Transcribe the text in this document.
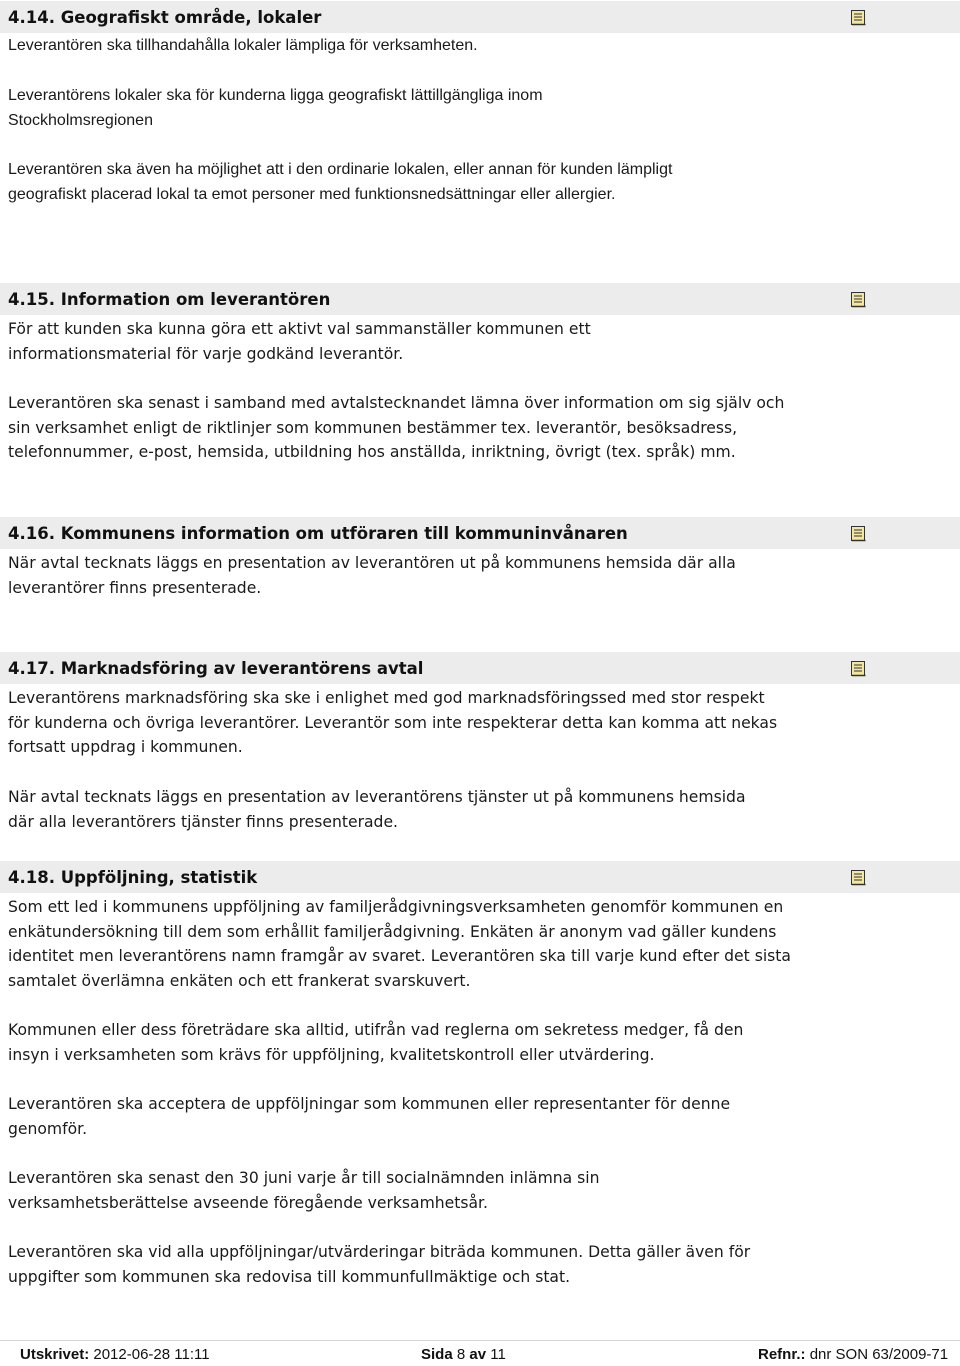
4.14. Geografiskt område, lokaler

Leverantören ska tillhandahålla lokaler lämpliga för verksamheten.

Leverantörens lokaler ska för kunderna ligga geografiskt lättillgängliga inom Stockholmsregionen

Leverantören ska även ha möjlighet att i den ordinarie lokalen, eller annan för kunden lämpligt geografiskt placerad lokal ta emot personer med funktionsnedsättningar eller allergier.

4.15. Information om leverantören

För att kunden ska kunna göra ett aktivt val sammanställer kommunen ett informationsmaterial för varje godkänd leverantör.

Leverantören ska senast i samband med avtalstecknandet lämna över information om sig själv och sin verksamhet enligt de riktlinjer som kommunen bestämmer tex. leverantör, besöksadress, telefonnummer, e-post, hemsida, utbildning hos anställda, inriktning, övrigt (tex. språk) mm.

4.16. Kommunens information om utföraren till kommuninvånaren

När avtal tecknats läggs en presentation av leverantören ut på kommunens hemsida där alla leverantörer finns presenterade.

4.17. Marknadsföring av leverantörens avtal

Leverantörens marknadsföring ska ske i enlighet med god marknadsföringssed med stor respekt för kunderna och övriga leverantörer. Leverantör som inte respekterar detta kan komma att nekas fortsatt uppdrag i kommunen.

När avtal tecknats läggs en presentation av leverantörens tjänster ut på kommunens hemsida där alla leverantörers tjänster finns presenterade.

4.18. Uppföljning, statistik

Som ett led i kommunens uppföljning av familjerådgivningsverksamheten genomför kommunen en enkätundersökning till dem som erhållit familjerådgivning. Enkäten är anonym vad gäller kundens identitet men leverantörens namn framgår av svaret. Leverantören ska till varje kund efter det sista samtalet överlämna enkäten och ett frankerat svarskuvert.

Kommunen eller dess företrädare ska alltid, utifrån vad reglerna om sekretess medger, få den insyn i verksamheten som krävs för uppföljning, kvalitetskontroll eller utvärdering.

Leverantören ska acceptera de uppföljningar som kommunen eller representanter för denne genomför.

Leverantören ska senast den 30 juni varje år till socialnämnden inlämna sin verksamhetsberättelse avseende föregående verksamhetsår.

Leverantören ska vid alla uppföljningar/utvärderingar biträda kommunen. Detta gäller även för uppgifter som kommunen ska redovisa till kommunfullmäktige och stat.

Utskrivet: 2012-06-28 11:11	Sida 8 av 11	Refnr.: dnr SON 63/2009-71
